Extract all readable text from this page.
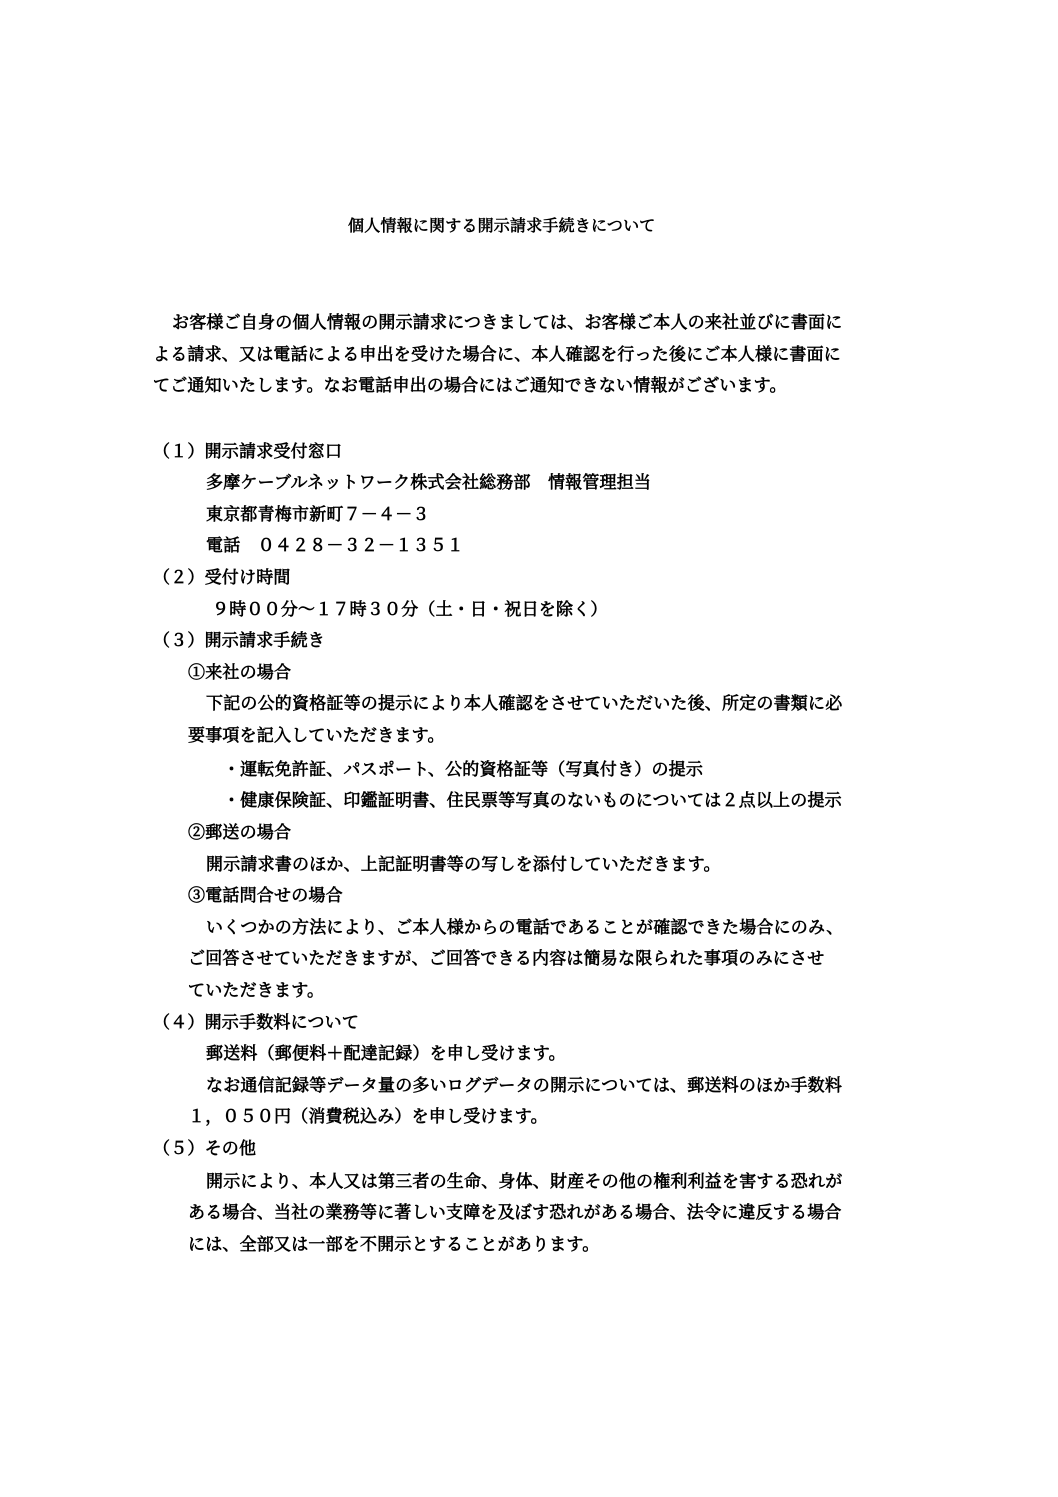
個人情報に関する開示請求手続きについて
お客様ご自身の個人情報の開示請求につきましては、お客様ご本人の来社並びに書面に
よる請求、又は電話による申出を受けた場合に、本人確認を行った後にご本人様に書面に
てご通知いたします。なお電話申出の場合にはご通知できない情報がございます。
（１）開示請求受付窓口
多摩ケーブルネットワーク株式会社総務部　情報管理担当
東京都青梅市新町７－４－３
電話　０４２８－３２－１３５１
（２）受付け時間
９時００分～１７時３０分（土・日・祝日を除く）
（３）開示請求手続き
①来社の場合
下記の公的資格証等の提示により本人確認をさせていただいた後、所定の書類に必
要事項を記入していただきます。
・運転免許証、パスポート、公的資格証等（写真付き）の提示
・健康保険証、印鑑証明書、住民票等写真のないものについては２点以上の提示
②郵送の場合
開示請求書のほか、上記証明書等の写しを添付していただきます。
③電話問合せの場合
いくつかの方法により、ご本人様からの電話であることが確認できた場合にのみ、
ご回答させていただきますが、ご回答できる内容は簡易な限られた事項のみにさせ
ていただきます。
（４）開示手数料について
郵送料（郵便料＋配達記録）を申し受けます。
なお通信記録等データ量の多いログデータの開示については、郵送料のほか手数料
１，０５０円（消費税込み）を申し受けます。
（５）その他
開示により、本人又は第三者の生命、身体、財産その他の権利利益を害する恐れが
ある場合、当社の業務等に著しい支障を及ぼす恐れがある場合、法令に違反する場合
には、全部又は一部を不開示とすることがあります。
